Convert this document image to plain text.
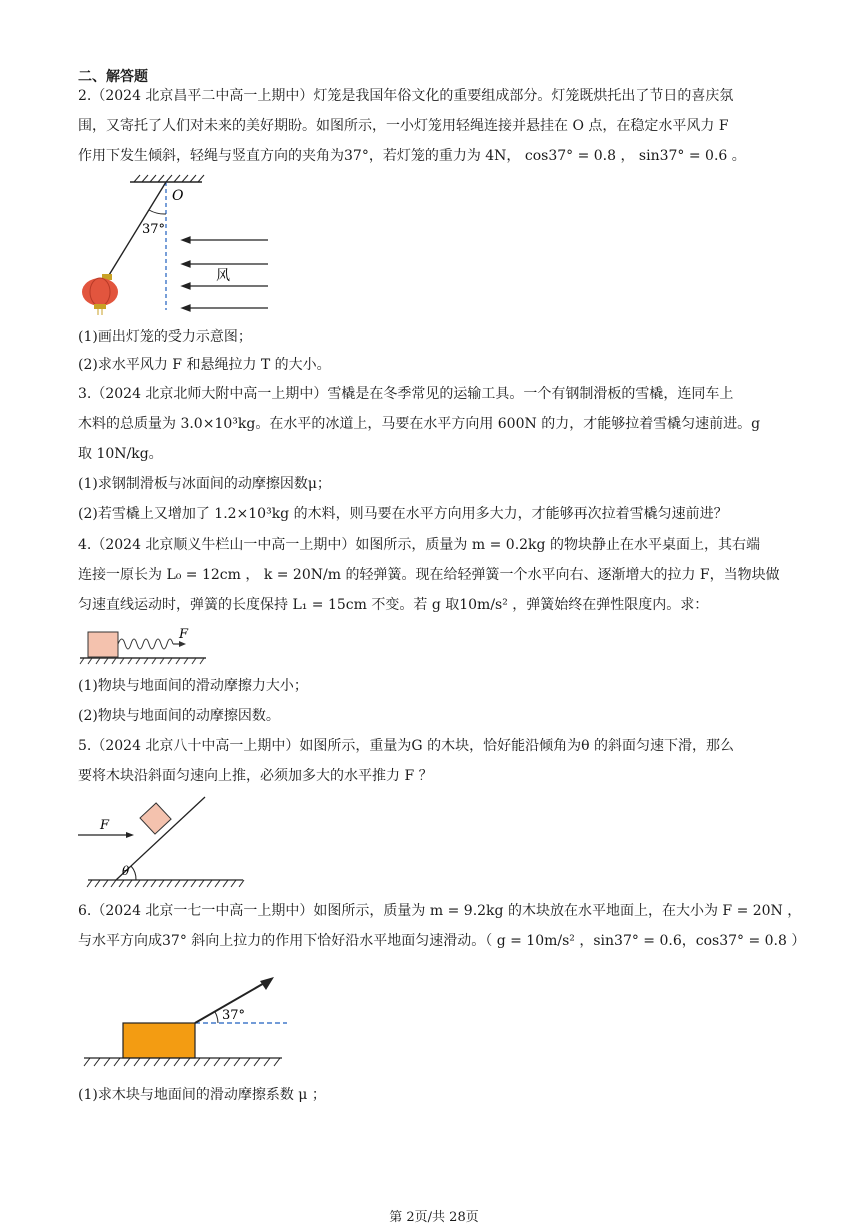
二、解答题
2.（2024 北京昌平二中高一上期中）灯笼是我国年俗文化的重要组成部分。灯笼既烘托出了节日的喜庆氛
围，又寄托了人们对未来的美好期盼。如图所示，一小灯笼用轻绳连接并悬挂在 O 点，在稳定水平风力 F
作用下发生倾斜，轻绳与竖直方向的夹角为37°，若灯笼的重力为 4N， cos37° = 0.8 ， sin37° = 0.6 。
O
37°
风
(1)画出灯笼的受力示意图；
(2)求水平风力 F 和悬绳拉力 T 的大小。
3.（2024 北京北师大附中高一上期中）雪橇是在冬季常见的运输工具。一个有钢制滑板的雪橇，连同车上
木料的总质量为 3.0×10³kg。在水平的冰道上，马要在水平方向用 600N 的力，才能够拉着雪橇匀速前进。g
取 10N/kg。
(1)求钢制滑板与冰面间的动摩擦因数μ；
(2)若雪橇上又增加了 1.2×10³kg 的木料，则马要在水平方向用多大力，才能够再次拉着雪橇匀速前进？
4.（2024 北京顺义牛栏山一中高一上期中）如图所示，质量为 m = 0.2kg 的物块静止在水平桌面上，其右端
连接一原长为 L₀ = 12cm ， k = 20N/m 的轻弹簧。现在给轻弹簧一个水平向右、逐渐增大的拉力 F，当物块做
匀速直线运动时，弹簧的长度保持 L₁ = 15cm 不变。若 g 取10m/s² ，弹簧始终在弹性限度内。求：
F
(1)物块与地面间的滑动摩擦力大小；
(2)物块与地面间的动摩擦因数。
5.（2024 北京八十中高一上期中）如图所示，重量为G 的木块，恰好能沿倾角为θ 的斜面匀速下滑，那么
要将木块沿斜面匀速向上推，必须加多大的水平推力 F ？
F
θ
6.（2024 北京一七一中高一上期中）如图所示，质量为 m = 9.2kg 的木块放在水平地面上，在大小为 F = 20N ，
与水平方向成37° 斜向上拉力的作用下恰好沿水平地面匀速滑动。（ g = 10m/s² ，sin37° = 0.6，cos37° = 0.8 ）
37°
(1)求木块与地面间的滑动摩擦系数 μ ；
第 2页/共 28页
